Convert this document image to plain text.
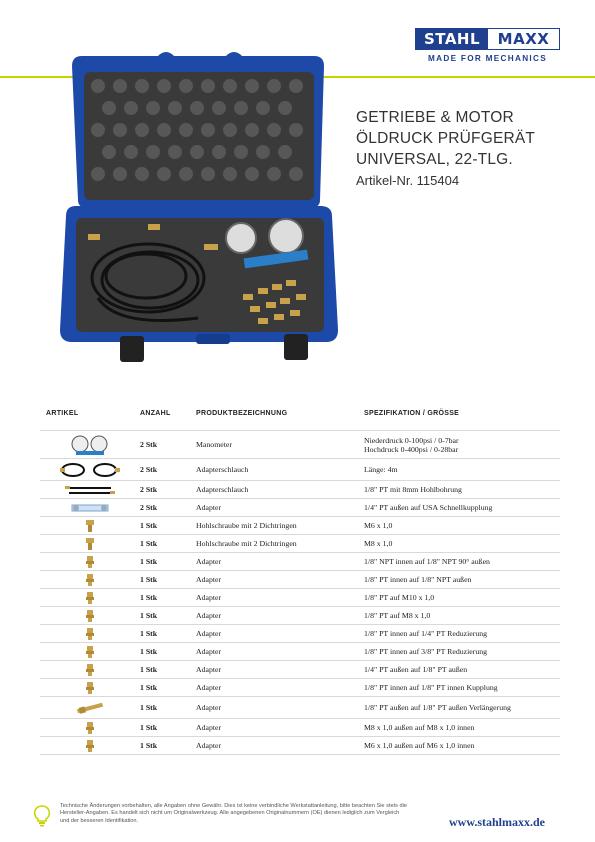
STAHL	MAXX
MADE FOR MECHANICS
GETRIEBE & MOTOR
ÖLDRUCK PRÜFGERÄT
UNIVERSAL, 22-TLG.
Artikel-Nr. 115404
ARTIKEL	ANZAHL	PRODUKTBEZEICHNUNG	SPEZIFIKATION / GRÖSSE
2 Stk	Manometer	Niederdruck 0-100psi / 0-7bar
Hochdruck 0-400psi / 0-28bar
2 Stk	Adapterschlauch	Länge: 4m
2 Stk	Adapterschlauch	1/8" PT mit 8mm Hohlbohrung
2 Stk	Adapter	1/4" PT außen auf USA Schnellkupplung
1 Stk	Hohlschraube mit 2 Dichtringen	M6 x 1,0
1 Stk	Hohlschraube mit 2 Dichtringen	M8 x 1,0
1 Stk	Adapter	1/8" NPT innen auf 1/8" NPT 90° außen
1 Stk	Adapter	1/8" PT innen auf 1/8" NPT außen
1 Stk	Adapter	1/8" PT auf M10 x 1,0
1 Stk	Adapter	1/8" PT auf M8 x 1,0
1 Stk	Adapter	1/8" PT innen auf 1/4" PT Reduzierung
1 Stk	Adapter	1/8" PT innen auf 3/8" PT Reduzierung
1 Stk	Adapter	1/4" PT außen auf 1/8" PT außen
1 Stk	Adapter	1/8" PT innen auf 1/8" PT innen Kupplung
1 Stk	Adapter	1/8" PT außen auf 1/8" PT außen Verlängerung
1 Stk	Adapter	M8 x 1,0 außen auf M8 x 1,0 innen
1 Stk	Adapter	M6 x 1,0 außen auf M6 x 1,0 innen
Technische Änderungen vorbehalten, alle Angaben ohne Gewähr. Dies ist keine verbindliche Werkstattanleitung, bitte beachten Sie stets die Hersteller-Angaben. Es handelt sich nicht um Originalwerkzeug. Alle angegebenen Originalnummern (OE) dienen lediglich zum Vergleich und der besseren Identifikation.	www.stahlmaxx.de
